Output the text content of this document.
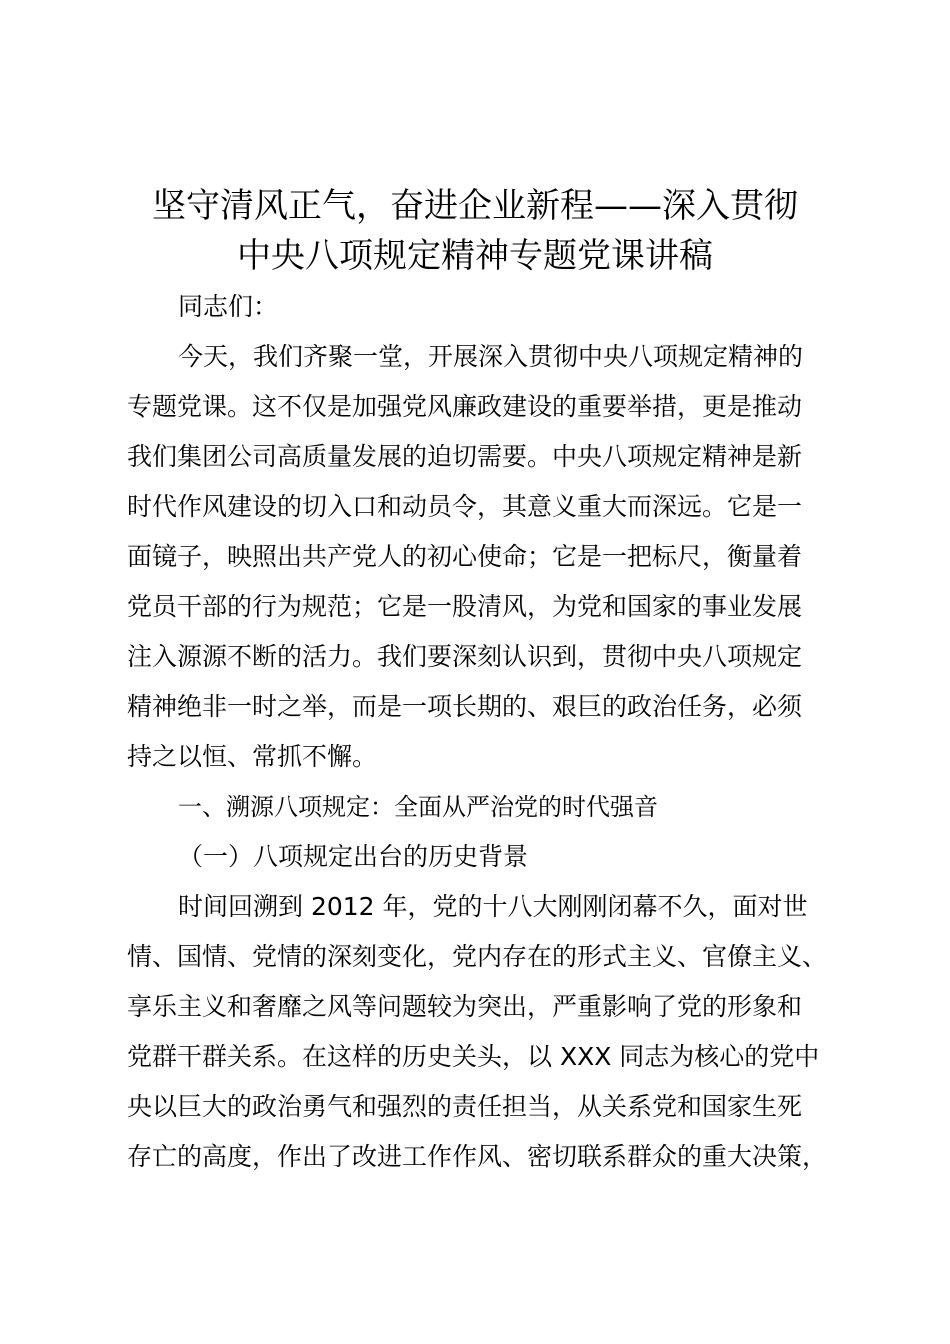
坚守清风正气，奋进企业新程——深入贯彻
中央八项规定精神专题党课讲稿
同志们：
今天，我们齐聚一堂，开展深入贯彻中央八项规定精神的
专题党课。这不仅是加强党风廉政建设的重要举措，更是推动
我们集团公司高质量发展的迫切需要。中央八项规定精神是新
时代作风建设的切入口和动员令，其意义重大而深远。它是一
面镜子，映照出共产党人的初心使命；它是一把标尺，衡量着
党员干部的行为规范；它是一股清风，为党和国家的事业发展
注入源源不断的活力。我们要深刻认识到，贯彻中央八项规定
精神绝非一时之举，而是一项长期的、艰巨的政治任务，必须
持之以恒、常抓不懈。
一、溯源八项规定：全面从严治党的时代强音
（一）八项规定出台的历史背景
时间回溯到 2012 年，党的十八大刚刚闭幕不久，面对世
情、国情、党情的深刻变化，党内存在的形式主义、官僚主义、
享乐主义和奢靡之风等问题较为突出，严重影响了党的形象和
党群干群关系。在这样的历史关头，以 XXX 同志为核心的党中
央以巨大的政治勇气和强烈的责任担当，从关系党和国家生死
存亡的高度，作出了改进工作作风、密切联系群众的重大决策，
